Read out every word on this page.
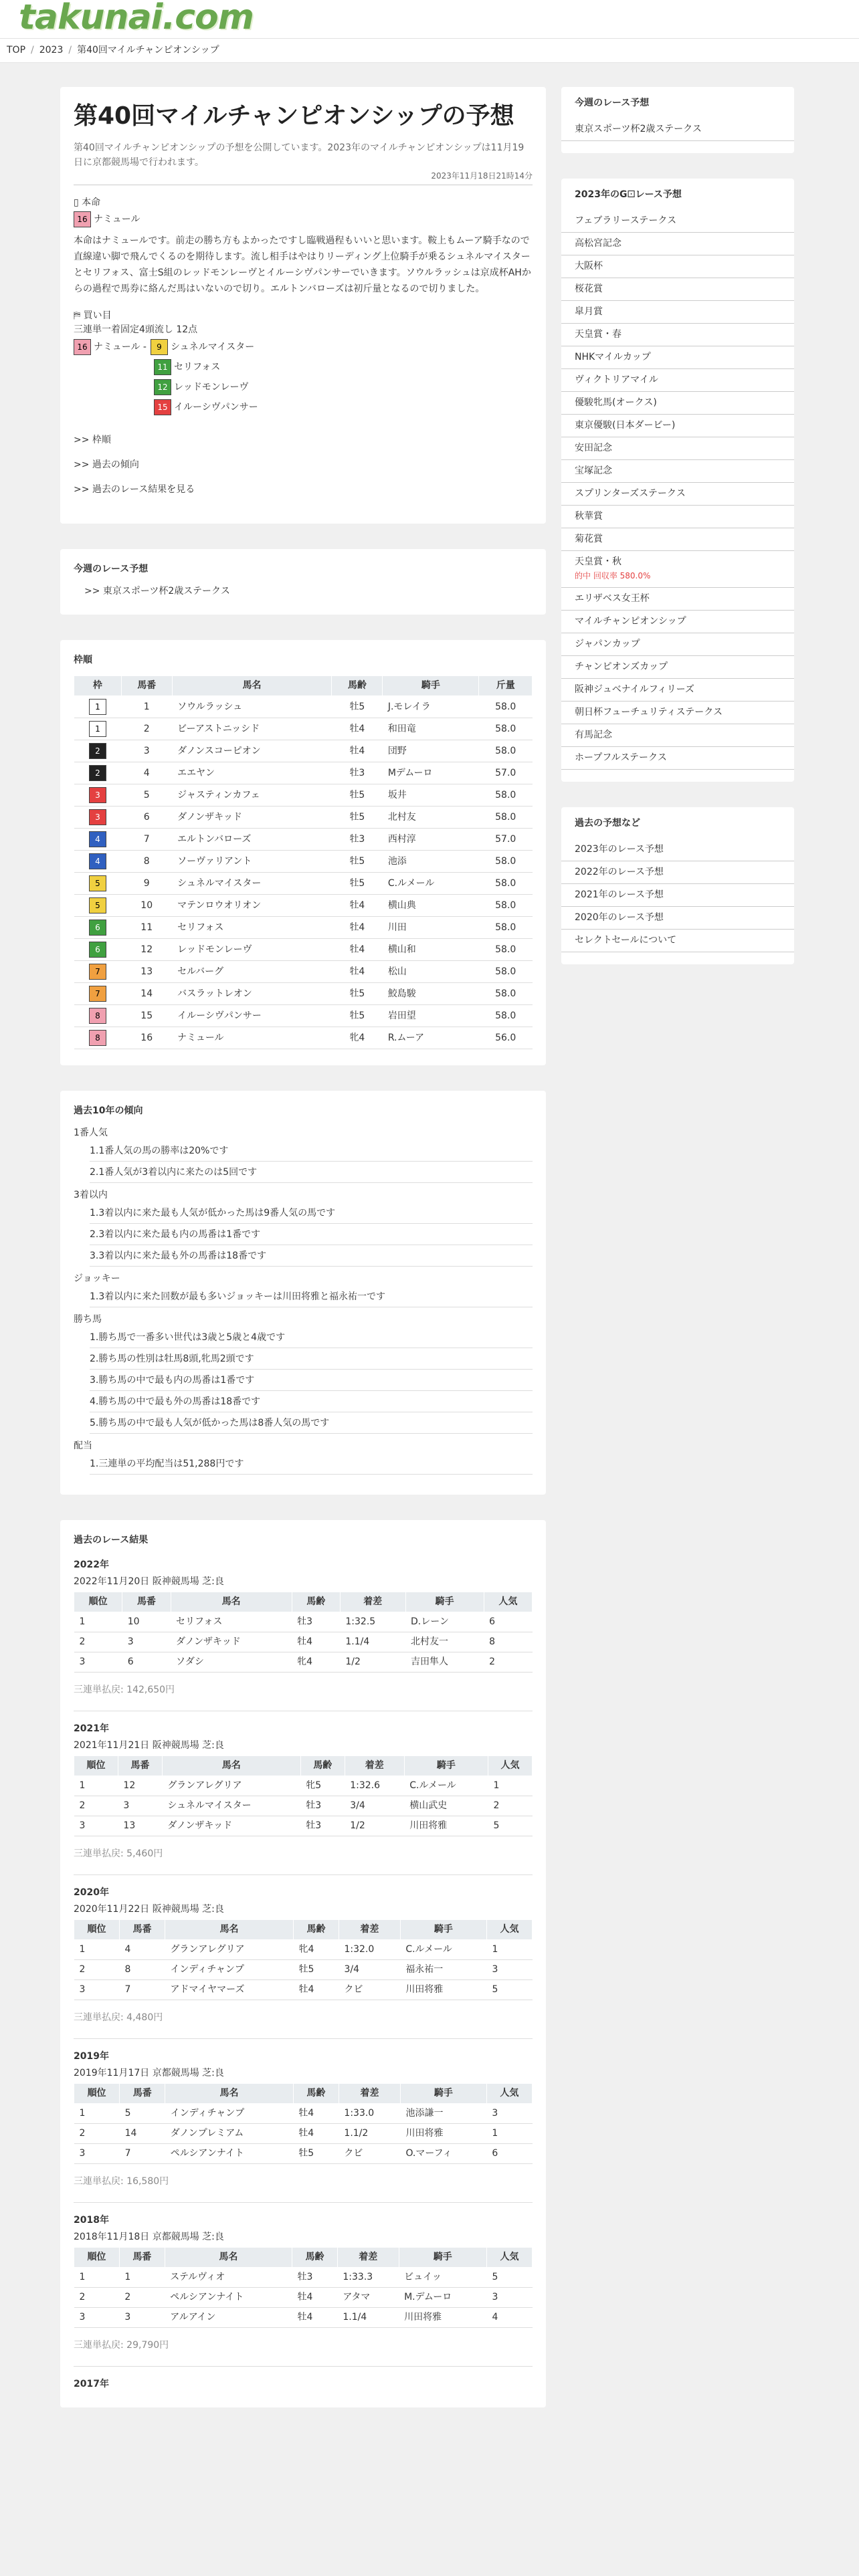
takunai.com
TOP / 2023 / 第40回マイルチャンピオンシップ
第40回マイルチャンピオンシップの予想
第40回マイルチャンピオンシップの予想を公開しています。2023年のマイルチャンピオンシップは11月19日に京都競馬場で行われます。
2023年11月18日21時14分
▯ 本命
16 ナミュール

本命はナミュールです。前走の勝ち方もよかったですし臨戦過程もいいと思います。鞍上もムーア騎手なので直線違い脚で飛んでくるのを期待します。流し相手はやはりリーディング上位騎手が乗るシュネルマイスターとセリフォス、富士S組のレッドモンレーヴとイルーシヴパンサーでいきます。ソウルラッシュは京成杯AHからの過程で馬券に絡んだ馬はいないので切り。エルトンバローズは初斤量となるので切りました。

⛿ 買い目
三連単一着固定4頭流し 12点
16 ナミュール -	9 シュネルマイスター
11 セリフォス
12 レッドモンレーヴ
15 イルーシヴパンサー
>> 枠順
>> 過去の傾向
>> 過去のレース結果を見る
今週のレース予想
>> 東京スポーツ杯2歳ステークス
枠順
枠	馬番	馬名	馬齢	騎手	斤量
1	1	ソウルラッシュ	牡5	J.モレイラ	58.0
1	2	ビーアストニッシド	牡4	和田竜	58.0
2	3	ダノンスコーピオン	牡4	団野	58.0
2	4	エエヤン	牡3	Mデムーロ	57.0
3	5	ジャスティンカフェ	牡5	坂井	58.0
3	6	ダノンザキッド	牡5	北村友	58.0
4	7	エルトンバローズ	牡3	西村淳	57.0
4	8	ソーヴァリアント	牡5	池添	58.0
5	9	シュネルマイスター	牡5	C.ルメール	58.0
5	10	マテンロウオリオン	牡4	横山典	58.0
6	11	セリフォス	牡4	川田	58.0
6	12	レッドモンレーヴ	牡4	横山和	58.0
7	13	セルバーグ	牡4	松山	58.0
7	14	バスラットレオン	牡5	鮫島駿	58.0
8	15	イルーシヴパンサー	牡5	岩田望	58.0
8	16	ナミュール	牝4	R.ムーア	56.0
過去10年の傾向
1番人気
1.1番人気の馬の勝率は20%です
2.1番人気が3着以内に来たのは5回です
3着以内
1.3着以内に来た最も人気が低かった馬は9番人気の馬です
2.3着以内に来た最も内の馬番は1番です
3.3着以内に来た最も外の馬番は18番です
ジョッキー
1.3着以内に来た回数が最も多いジョッキーは川田将雅と福永祐一です
勝ち馬
1.勝ち馬で一番多い世代は3歳と5歳と4歳です
2.勝ち馬の性別は牡馬8頭,牝馬2頭です
3.勝ち馬の中で最も内の馬番は1番です
4.勝ち馬の中で最も外の馬番は18番です
5.勝ち馬の中で最も人気が低かった馬は8番人気の馬です
配当
1.三連単の平均配当は51,288円です
過去のレース結果
2022年
2022年11月20日 阪神競馬場 芝:良
順位	馬番	馬名	馬齢	着差	騎手	人気
1	10	セリフォス	牡3	1:32.5	D.レーン	6
2	3	ダノンザキッド	牡4	1.1/4	北村友一	8
3	6	ソダシ	牝4	1/2	吉田隼人	2
三連単払戻: 142,650円
2021年
2021年11月21日 阪神競馬場 芝:良
順位	馬番	馬名	馬齢	着差	騎手	人気
1	12	グランアレグリア	牝5	1:32.6	C.ルメール	1
2	3	シュネルマイスター	牡3	3/4	横山武史	2
3	13	ダノンザキッド	牡3	1/2	川田将雅	5
三連単払戻: 5,460円
2020年
2020年11月22日 阪神競馬場 芝:良
順位	馬番	馬名	馬齢	着差	騎手	人気
1	4	グランアレグリア	牝4	1:32.0	C.ルメール	1
2	8	インディチャンプ	牡5	3/4	福永祐一	3
3	7	アドマイヤマーズ	牡4	クビ	川田将雅	5
三連単払戻: 4,480円
2019年
2019年11月17日 京都競馬場 芝:良
順位	馬番	馬名	馬齢	着差	騎手	人気
1	5	インディチャンプ	牡4	1:33.0	池添謙一	3
2	14	ダノンプレミアム	牡4	1.1/2	川田将雅	1
3	7	ペルシアンナイト	牡5	クビ	O.マーフィ	6
三連単払戻: 16,580円
2018年
2018年11月18日 京都競馬場 芝:良
順位	馬番	馬名	馬齢	着差	騎手	人気
1	1	ステルヴィオ	牡3	1:33.3	ビュイッ	5
2	2	ペルシアンナイト	牡4	アタマ	M.デムーロ	3
3	3	アルアイン	牡4	1.1/4	川田将雅	4
三連単払戻: 29,790円
2017年
今週のレース予想
東京スポーツ杯2歳ステークス
2023年のG⚀レース予想
フェブラリーステークス
高松宮記念
大阪杯
桜花賞
皐月賞
天皇賞・春
NHKマイルカップ
ヴィクトリアマイル
優駿牝馬(オークス)
東京優駿(日本ダービー)
安田記念
宝塚記念
スプリンターズステークス
秋華賞
菊花賞
天皇賞・秋
的中 回収率 580.0%
エリザベス女王杯
マイルチャンピオンシップ
ジャパンカップ
チャンピオンズカップ
阪神ジュベナイルフィリーズ
朝日杯フューチュリティステークス
有馬記念
ホープフルステークス
過去の予想など
2023年のレース予想
2022年のレース予想
2021年のレース予想
2020年のレース予想
セレクトセールについて
